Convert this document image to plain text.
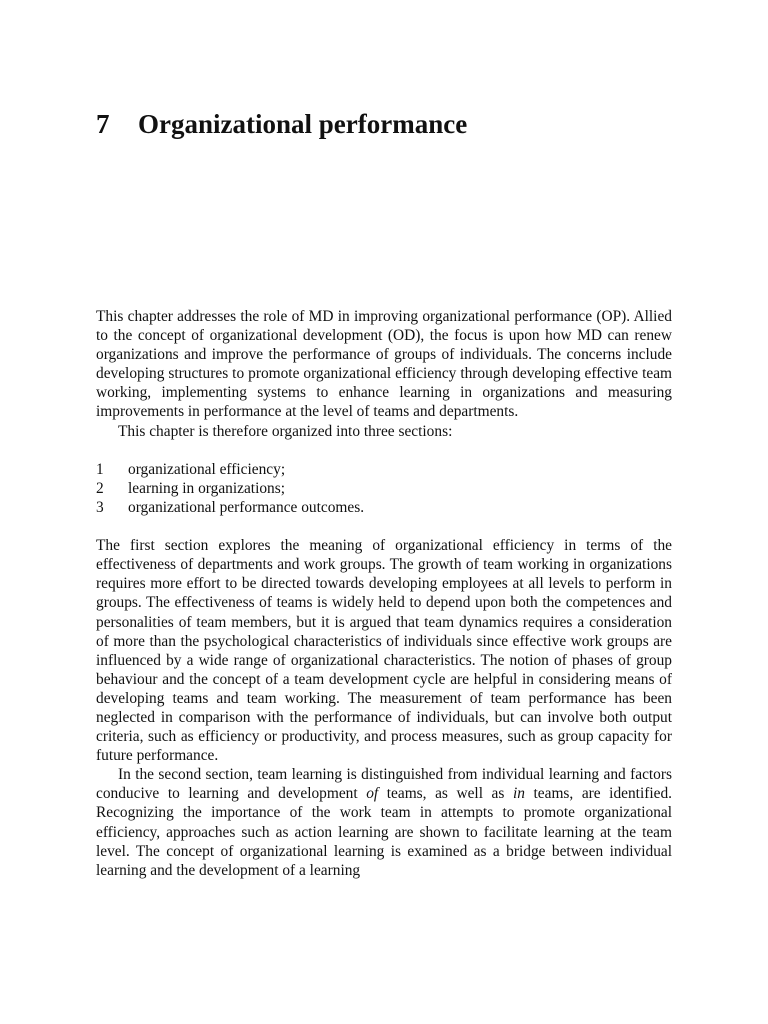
7 Organizational performance

This chapter addresses the role of MD in improving organizational performance (OP). Allied to the concept of organizational development (OD), the focus is upon how MD can renew organizations and improve the performance of groups of individuals. The concerns include developing structures to promote organizational efficiency through developing effective team working, implementing systems to enhance learning in organizations and measuring improvements in performance at the level of teams and departments.

This chapter is therefore organized into three sections:

1	organizational efficiency;
2	learning in organizations;
3	organizational performance outcomes.

The first section explores the meaning of organizational efficiency in terms of the effectiveness of departments and work groups. The growth of team working in organizations requires more effort to be directed towards developing employees at all levels to perform in groups. The effectiveness of teams is widely held to depend upon both the competences and personalities of team members, but it is argued that team dynamics requires a consideration of more than the psychological characteristics of individuals since effective work groups are influenced by a wide range of organizational characteristics. The notion of phases of group behaviour and the concept of a team development cycle are helpful in considering means of developing teams and team working. The measurement of team performance has been neglected in comparison with the performance of individuals, but can involve both output criteria, such as efficiency or productivity, and process measures, such as group capacity for future performance.

In the second section, team learning is distinguished from individual learning and factors conducive to learning and development of teams, as well as in teams, are identified. Recognizing the importance of the work team in attempts to promote organizational efficiency, approaches such as action learning are shown to facilitate learning at the team level. The concept of organizational learning is examined as a bridge between individual learning and the development of a learning
